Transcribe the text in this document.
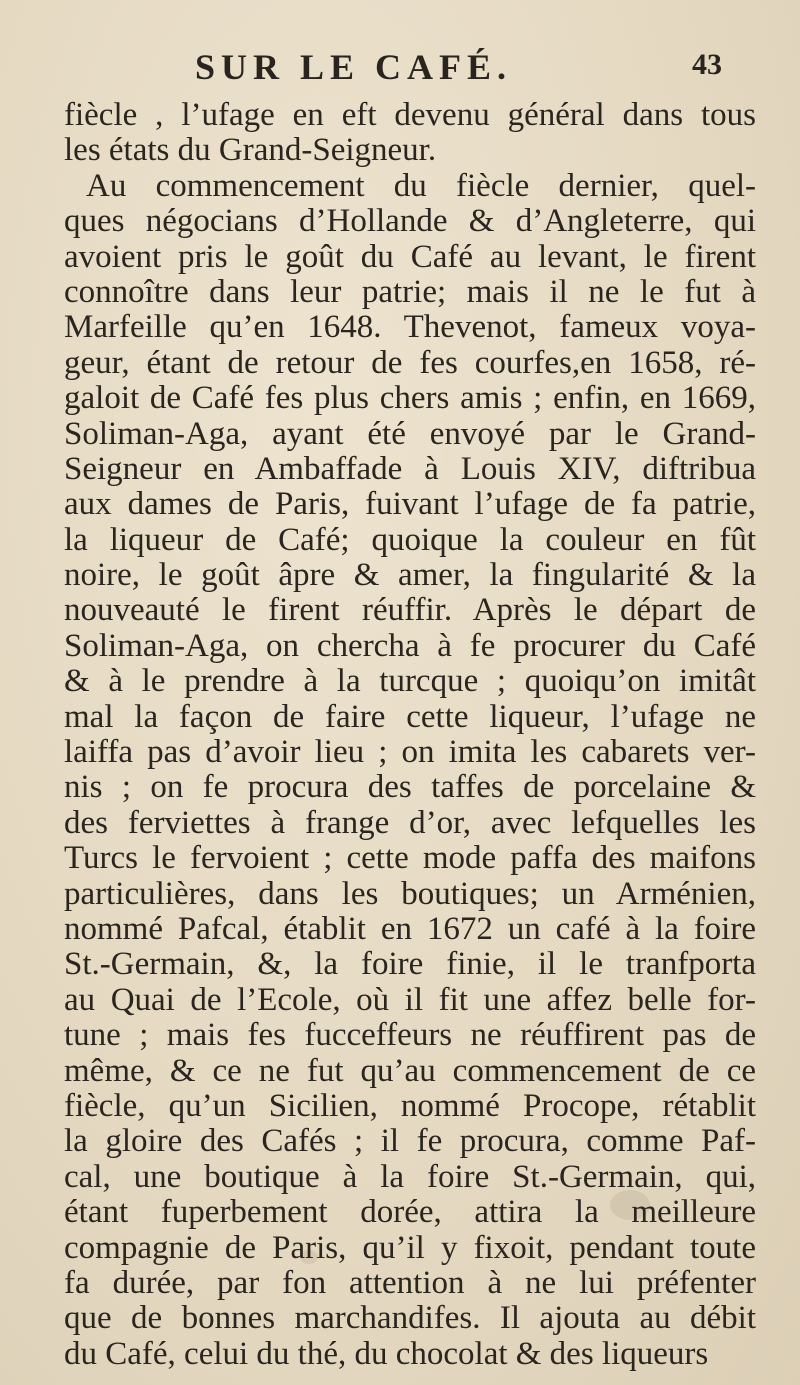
SUR LE CAFÉ.	43
fiècle , l’ufage en eft devenu général dans tous
les états du Grand-Seigneur.
Au commencement du fiècle dernier, quel-
ques négocians d’Hollande & d’Angleterre, qui
avoient pris le goût du Café au levant, le firent
connoître dans leur patrie; mais il ne le fut à
Marfeille qu’en 1648. Thevenot, fameux voya-
geur, étant de retour de fes courfes,en 1658, ré-
galoit de Café fes plus chers amis ; enfin, en 1669,
Soliman-Aga, ayant été envoyé par le Grand-
Seigneur en Ambaffade à Louis XIV, diftribua
aux dames de Paris, fuivant l’ufage de fa patrie,
la liqueur de Café; quoique la couleur en fût
noire, le goût âpre & amer, la fingularité & la
nouveauté le firent réuffir. Après le départ de
Soliman-Aga, on chercha à fe procurer du Café
& à le prendre à la turcque ; quoiqu’on imitât
mal la façon de faire cette liqueur, l’ufage ne
laiffa pas d’avoir lieu ; on imita les cabarets ver-
nis ; on fe procura des taffes de porcelaine &
des ferviettes à frange d’or, avec lefquelles les
Turcs le fervoient ; cette mode paffa des maifons
particulières, dans les boutiques; un Arménien,
nommé Pafcal, établit en 1672 un café à la foire
St.-Germain, &, la foire finie, il le tranfporta
au Quai de l’Ecole, où il fit une affez belle for-
tune ; mais fes fucceffeurs ne réuffirent pas de
même, & ce ne fut qu’au commencement de ce
fiècle, qu’un Sicilien, nommé Procope, rétablit
la gloire des Cafés ; il fe procura, comme Paf-
cal, une boutique à la foire St.-Germain, qui,
étant fuperbement dorée, attira la meilleure
compagnie de Paris, qu’il y fixoit, pendant toute
fa durée, par fon attention à ne lui préfenter
que de bonnes marchandifes. Il ajouta au débit
du Café, celui du thé, du chocolat & des liqueurs
